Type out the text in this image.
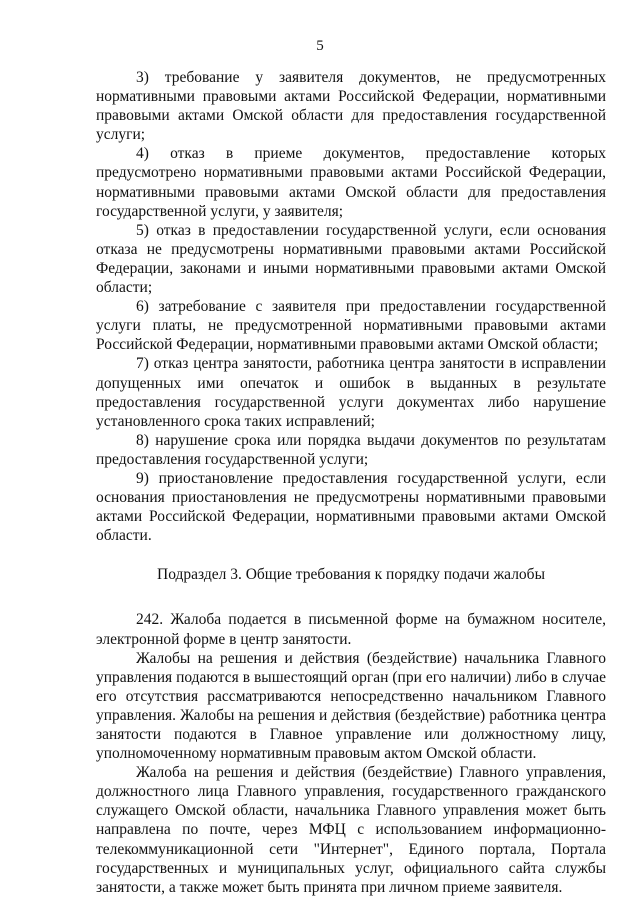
5

3) требование у заявителя документов, не предусмотренных нормативными правовыми актами Российской Федерации, нормативными правовыми актами Омской области для предоставления государственной услуги;

4) отказ в приеме документов, предоставление которых предусмотрено нормативными правовыми актами Российской Федерации, нормативными правовыми актами Омской области для предоставления государственной услуги, у заявителя;

5) отказ в предоставлении государственной услуги, если основания отказа не предусмотрены нормативными правовыми актами Российской Федерации, законами и иными нормативными правовыми актами Омской области;

6) затребование с заявителя при предоставлении государственной услуги платы, не предусмотренной нормативными правовыми актами Российской Федерации, нормативными правовыми актами Омской области;

7) отказ центра занятости, работника центра занятости в исправлении допущенных ими опечаток и ошибок в выданных в результате предоставления государственной услуги документах либо нарушение установленного срока таких исправлений;

8) нарушение срока или порядка выдачи документов по результатам предоставления государственной услуги;

9) приостановление предоставления государственной услуги, если основания приостановления не предусмотрены нормативными правовыми актами Российской Федерации, нормативными правовыми актами Омской области.

Подраздел 3. Общие требования к порядку подачи жалобы

242. Жалоба подается в письменной форме на бумажном носителе, электронной форме в центр занятости.

Жалобы на решения и действия (бездействие) начальника Главного управления подаются в вышестоящий орган (при его наличии) либо в случае его отсутствия рассматриваются непосредственно начальником Главного управления. Жалобы на решения и действия (бездействие) работника центра занятости подаются в Главное управление или должностному лицу, уполномоченному нормативным правовым актом Омской области.

Жалоба на решения и действия (бездействие) Главного управления, должностного лица Главного управления, государственного гражданского служащего Омской области, начальника Главного управления может быть направлена по почте, через МФЦ с использованием информационно-телекоммуникационной сети "Интернет", Единого портала, Портала государственных и муниципальных услуг, официального сайта службы занятости, а также может быть принята при личном приеме заявителя.
